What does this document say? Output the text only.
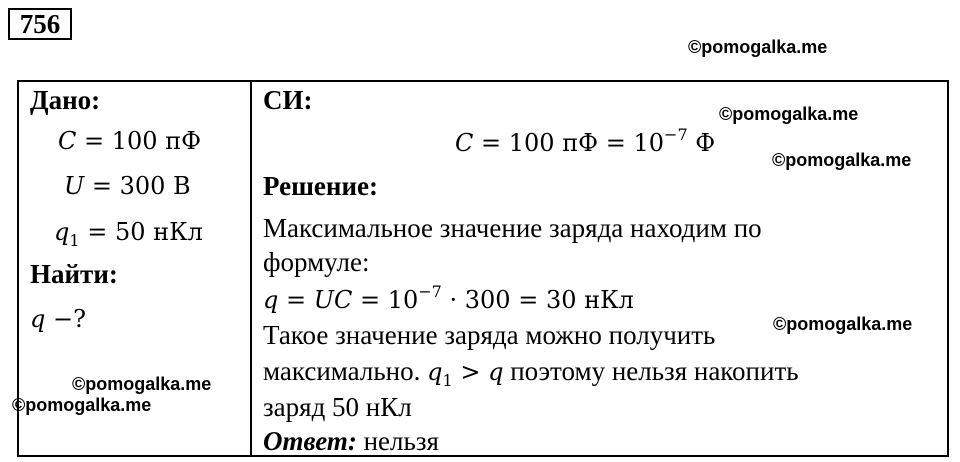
756
©pomogalka.me
©pomogalka.me
©pomogalka.me
©pomogalka.me
©pomogalka.me
©pomogalka.me
Дано:
C = 100 пФ
U = 300 В
$q_1 = 50$ нКл
Найти:
q −?
СИ:
C = 100 пФ = $10^{-7}$ Ф
Решение:
Максимальное значение заряда находим по
формуле:
q = UC = $10^{-7} \cdot 300 = 30$ нКл
Такое значение заряда можно получить
максимально. $q_1 > q$ поэтому нельзя накопить
заряд 50 нКл
Ответ: нельзя
